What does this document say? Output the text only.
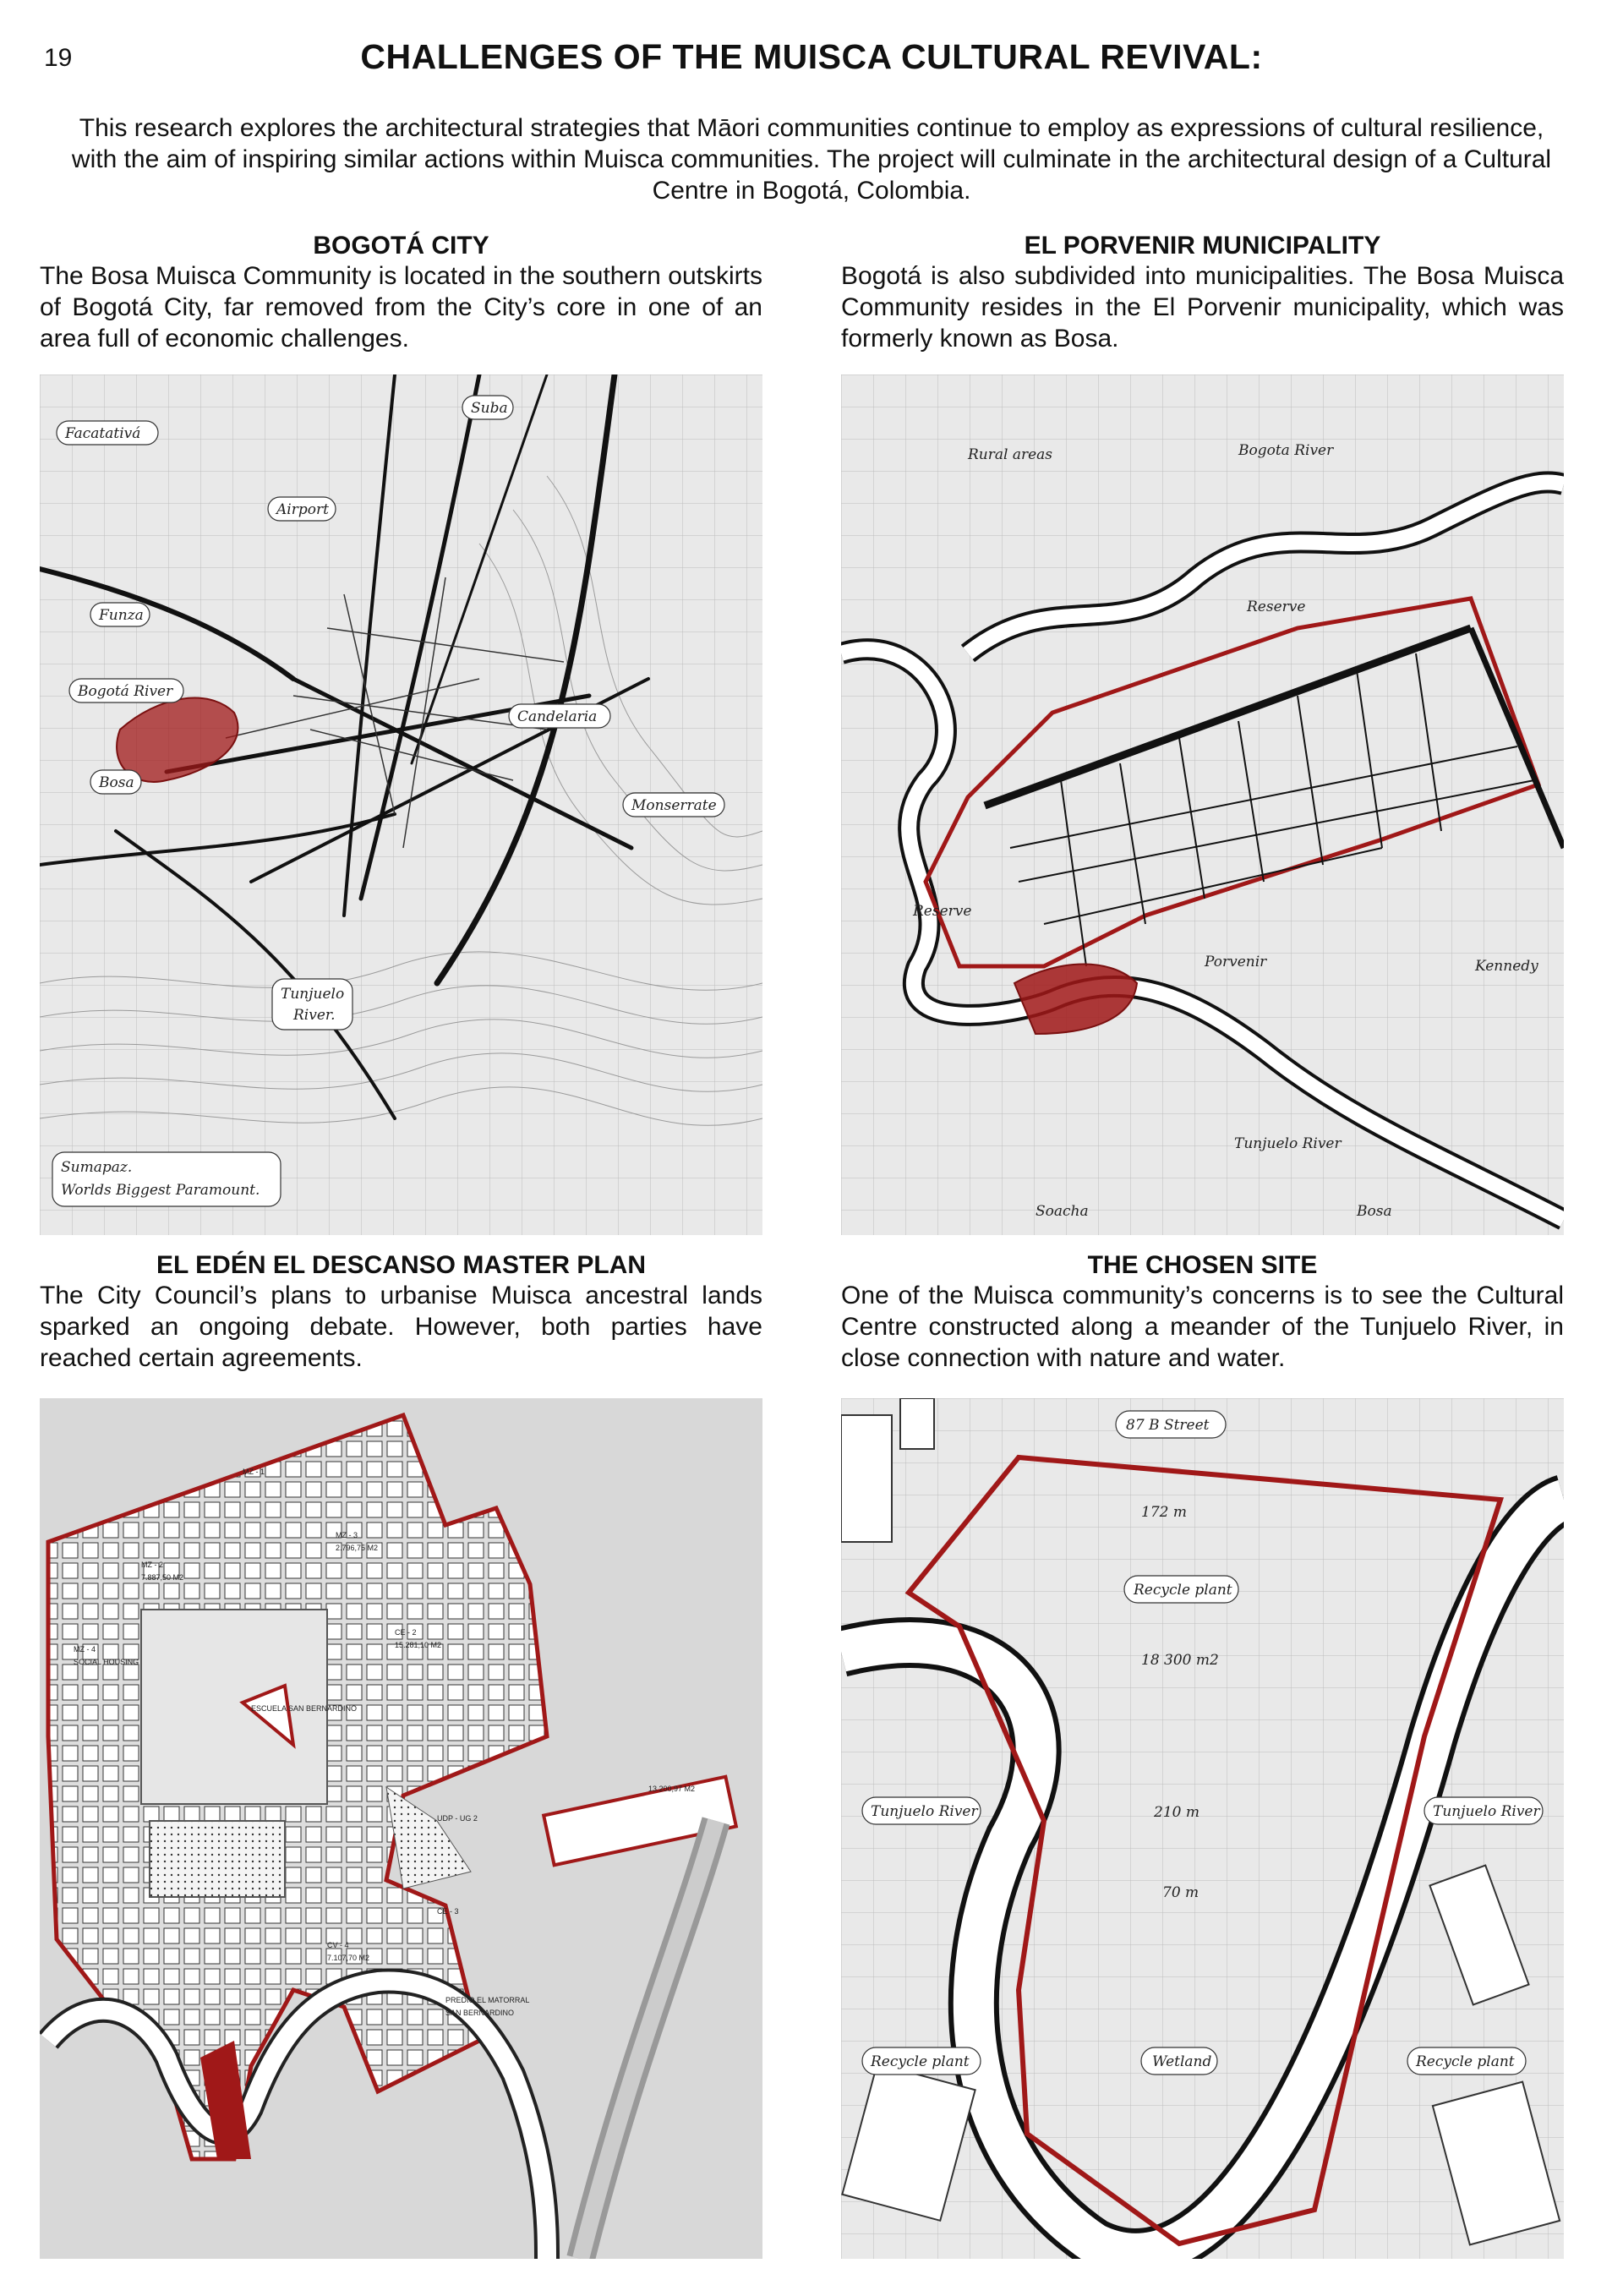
19	CHALLENGES OF THE MUISCA CULTURAL REVIVAL:
This research explores the architectural strategies that Māori communities continue to employ as expressions of cultural resilience, with the aim of inspiring similar actions within Muisca communities. The project will culminate in the architectural design of a Cultural Centre in Bogotá, Colombia.
BOGOTÁ CITY

The Bosa Muisca Community is located in the southern outskirts of Bogotá City, far removed from the City’s core in one of an area full of economic challenges.

EL PORVENIR MUNICIPALITY

Bogotá is also subdivided into municipalities. The Bosa Muisca Community resides in the El Porvenir municipality, which was formerly known as Bosa.

EL EDÉN EL DESCANSO MASTER PLAN

The City Council’s plans to urbanise Muisca ancestral lands sparked an ongoing debate. However, both parties have reached certain agreements.

THE CHOSEN SITE

One of the Muisca community’s concerns is to see the Cultural Centre constructed along a meander of the Tunjuelo River, in close connection with nature and water.

Suba
Facatativá
Airport
Funza
Bogotá River
Bosa
Candelaria
Monserrate
Tunjuelo
River.
Sumapaz.
Worlds Biggest Paramount.
Rural areas	Bogota River
Reserve
Reserve
Porvenir	Kennedy
Tunjuelo River
Soacha	Bosa
MZ - 1
MZ - 2
7.887,50 M2
MZ - 3
2.796,75 M2
MZ - 4
SOCIAL HOUSING
CE - 2
15.281,10 M2
13.200,97 M2
UDP - UG 2
CE - 3
CV - 4
7.107,70 M2
ESCUELA SAN BERNARDINO
PREDIO EL MATORRAL
SAN BERNARDINO
87 B Street
172 m
Recycle plant
18 300 m2
Tunjuelo River	Tunjuelo River
210 m
70 m
Recycle plant	Wetland	Recycle plant
